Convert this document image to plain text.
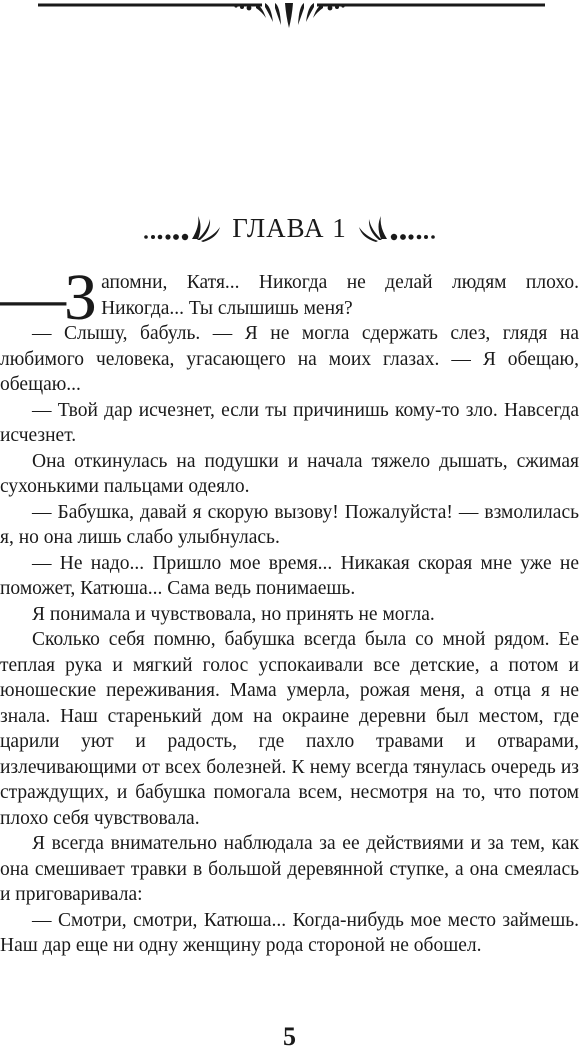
ГЛАВА 1

—З апомни, Катя... Никогда не делай людям плохо. Никогда... Ты слышишь меня?

— Слышу, бабуль. — Я не могла сдержать слез, глядя на любимого человека, угасающего на моих глазах. — Я обещаю, обещаю...

— Твой дар исчезнет, если ты причинишь кому-то зло. Навсегда исчезнет.

Она откинулась на подушки и начала тяжело дышать, сжимая сухонькими пальцами одеяло.

— Бабушка, давай я скорую вызову! Пожалуйста! — взмолилась я, но она лишь слабо улыбнулась.

— Не надо... Пришло мое время... Никакая скорая мне уже не поможет, Катюша... Сама ведь понимаешь.

Я понимала и чувствовала, но принять не могла.

Сколько себя помню, бабушка всегда была со мной рядом. Ее теплая рука и мягкий голос успокаивали все детские, а потом и юношеские переживания. Мама умерла, рожая меня, а отца я не знала. Наш старенький дом на окраине деревни был местом, где царили уют и радость, где пахло травами и отварами, излечивающими от всех болезней. К нему всегда тянулась очередь из страждущих, и бабушка помогала всем, несмотря на то, что потом плохо себя чувствовала.

Я всегда внимательно наблюдала за ее действиями и за тем, как она смешивает травки в большой деревянной ступке, а она смеялась и приговаривала:

— Смотри, смотри, Катюша... Когда-нибудь мое место займешь. Наш дар еще ни одну женщину рода стороной не обошел.

5
